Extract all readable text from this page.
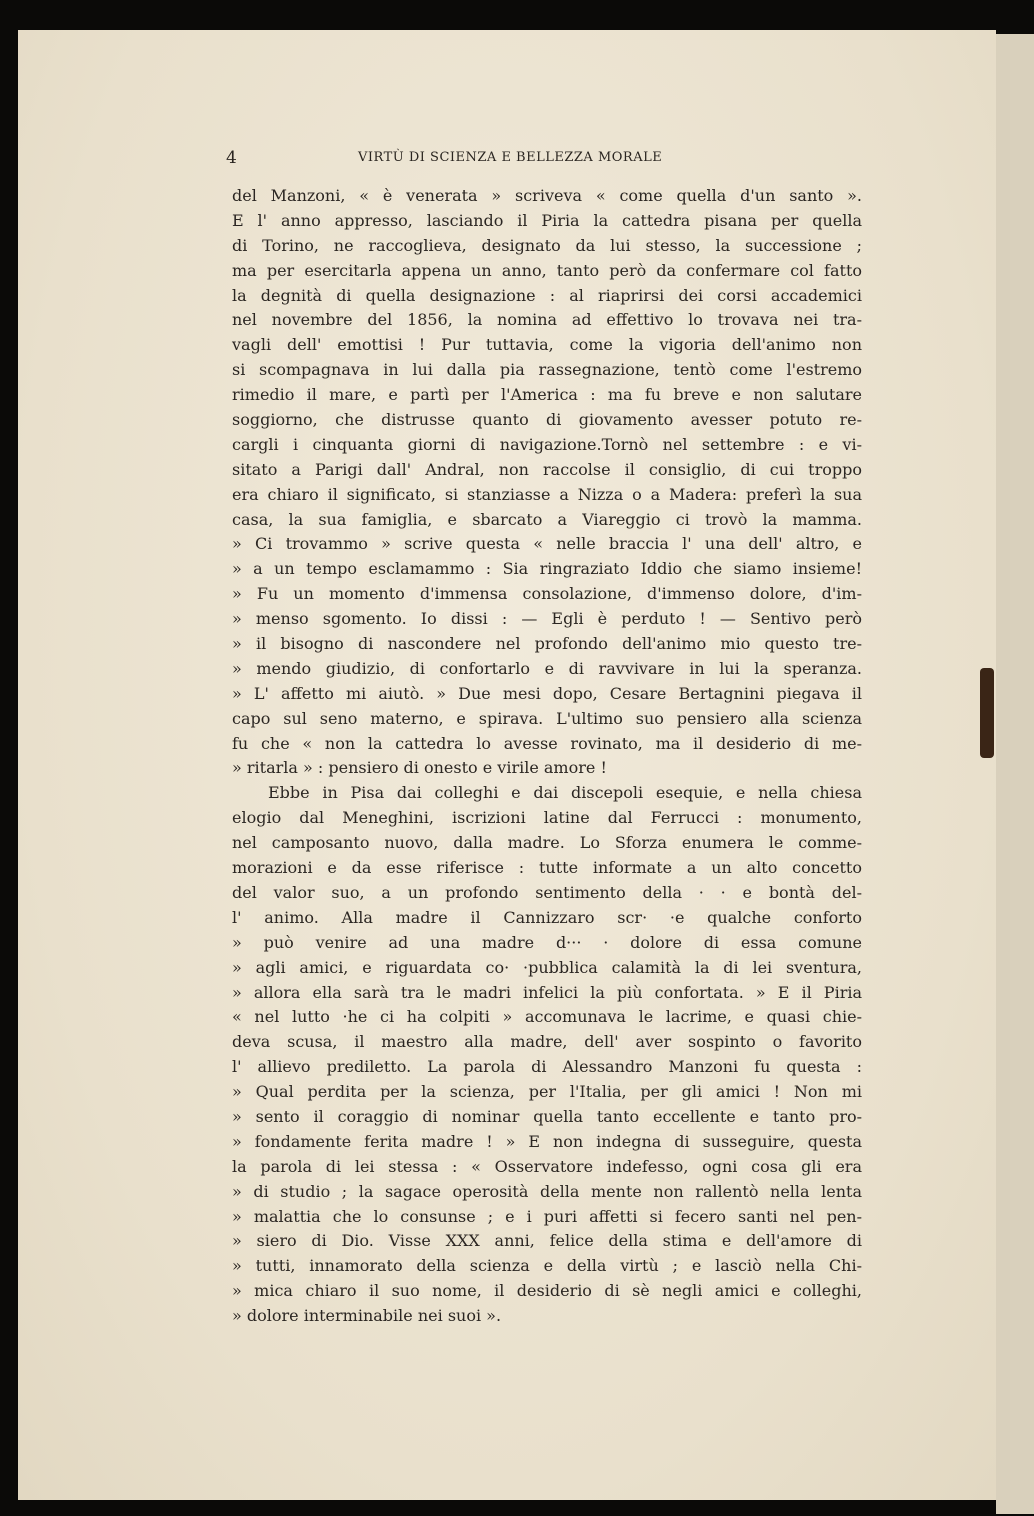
4	VIRTÙ DI SCIENZA E BELLEZZA MORALE
del Manzoni, « è venerata » scriveva « come quella d'un santo ».
E l' anno appresso, lasciando il Piria la cattedra pisana per quella
di Torino, ne raccoglieva, designato da lui stesso, la successione ;
ma per esercitarla appena un anno, tanto però da confermare col fatto
la degnità di quella designazione : al riaprirsi dei corsi accademici
nel novembre del 1856, la nomina ad effettivo lo trovava nei tra-
vagli dell' emottisi ! Pur tuttavia, come la vigoria dell'animo non
si scompagnava in lui dalla pia rassegnazione, tentò come l'estremo
rimedio il mare, e partì per l'America : ma fu breve e non salutare
soggiorno, che distrusse quanto di giovamento avesser potuto re-
cargli i cinquanta giorni di navigazione.Tornò nel settembre : e vi-
sitato a Parigi dall' Andral, non raccolse il consiglio, di cui troppo
era chiaro il significato, si stanziasse a Nizza o a Madera: preferì la sua
casa, la sua famiglia, e sbarcato a Viareggio ci trovò la mamma.
» Ci trovammo » scrive questa « nelle braccia l' una dell' altro, e
» a un tempo esclamammo : Sia ringraziato Iddio che siamo insieme!
» Fu un momento d'immensa consolazione, d'immenso dolore, d'im-
» menso sgomento. Io dissi : — Egli è perduto ! — Sentivo però
» il bisogno di nascondere nel profondo dell'animo mio questo tre-
» mendo giudizio, di confortarlo e di ravvivare in lui la speranza.
» L' affetto mi aiutò. » Due mesi dopo, Cesare Bertagnini piegava il
capo sul seno materno, e spirava. L'ultimo suo pensiero alla scienza
fu che « non la cattedra lo avesse rovinato, ma il desiderio di me-
» ritarla » : pensiero di onesto e virile amore !
Ebbe in Pisa dai colleghi e dai discepoli esequie, e nella chiesa
elogio dal Meneghini, iscrizioni latine dal Ferrucci : monumento,
nel camposanto nuovo, dalla madre. Lo Sforza enumera le comme-
morazioni e da esse riferisce : tutte informate a un alto concetto
del valor suo, a un profondo sentimento della · · e bontà del-
l' animo. Alla madre il Cannizzaro scr· ·e qualche conforto
» può venire ad una madre d··· · dolore di essa comune
» agli amici, e riguardata co· ·pubblica calamità la di lei sventura,
» allora ella sarà tra le madri infelici la più confortata. » E il Piria
« nel lutto ·he ci ha colpiti » accomunava le lacrime, e quasi chie-
deva scusa, il maestro alla madre, dell' aver sospinto o favorito
l' allievo prediletto. La parola di Alessandro Manzoni fu questa :
» Qual perdita per la scienza, per l'Italia, per gli amici ! Non mi
» sento il coraggio di nominar quella tanto eccellente e tanto pro-
» fondamente ferita madre ! » E non indegna di susseguire, questa
la parola di lei stessa : « Osservatore indefesso, ogni cosa gli era
» di studio ; la sagace operosità della mente non rallentò nella lenta
» malattia che lo consunse ; e i puri affetti si fecero santi nel pen-
» siero di Dio. Visse XXX anni, felice della stima e dell'amore di
» tutti, innamorato della scienza e della virtù ; e lasciò nella Chi-
» mica chiaro il suo nome, il desiderio di sè negli amici e colleghi,
» dolore interminabile nei suoi ».
